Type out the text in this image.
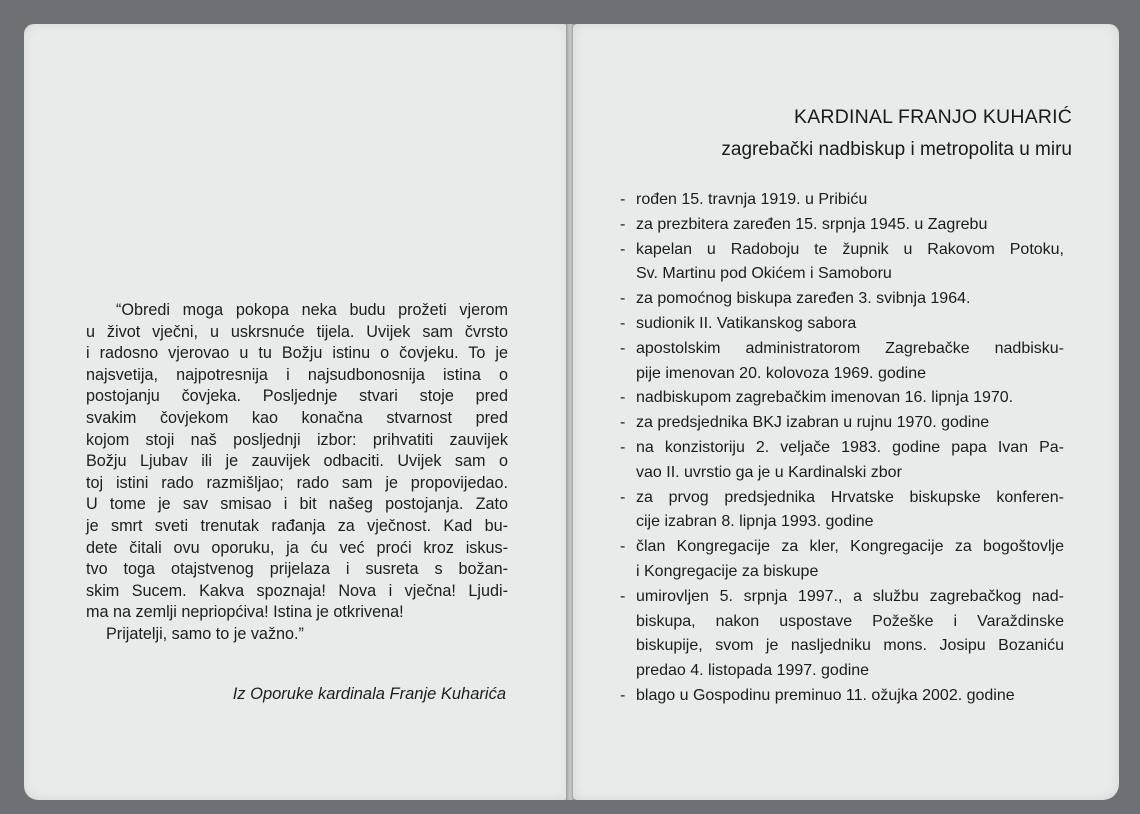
“Obredi moga pokopa neka budu prožeti vjerom
u život vječni, u uskrsnuće tijela. Uvijek sam čvrsto
i radosno vjerovao u tu Božju istinu o čovjeku. To je
najsvetija, najpotresnija i najsudbonosnija istina o
postojanju čovjeka. Posljednje stvari stoje pred
svakim čovjekom kao konačna stvarnost pred
kojom stoji naš posljednji izbor: prihvatiti zauvijek
Božju Ljubav ili je zauvijek odbaciti. Uvijek sam o
toj istini rado razmišljao; rado sam je propovijedao.
U tome je sav smisao i bit našeg postojanja. Zato
je smrt sveti trenutak rađanja za vječnost. Kad bu-
dete čitali ovu oporuku, ja ću već proći kroz iskus-
tvo toga otajstvenog prijelaza i susreta s božan-
skim Sucem. Kakva spoznaja! Nova i vječna! Ljudi-
ma na zemlji nepriopćiva! Istina je otkrivena!
Prijatelji, samo to je važno.”
Iz Oporuke kardinala Franje Kuharića
KARDINAL FRANJO KUHARIĆ
zagrebački nadbiskup i metropolita u miru
- rođen 15. travnja 1919. u Pribiću
- za prezbitera zaređen 15. srpnja 1945. u Zagrebu
- kapelan u Radoboju te župnik u Rakovom Potoku,
Sv. Martinu pod Okićem i Samoboru
- za pomoćnog biskupa zaređen 3. svibnja 1964.
- sudionik II. Vatikanskog sabora
- apostolskim administratorom Zagrebačke nadbisku-
pije imenovan 20. kolovoza 1969. godine
- nadbiskupom zagrebačkim imenovan 16. lipnja 1970.
- za predsjednika BKJ izabran u rujnu 1970. godine
- na konzistoriju 2. veljače 1983. godine papa Ivan Pa-
vao II. uvrstio ga je u Kardinalski zbor
- za prvog predsjednika Hrvatske biskupske konferen-
cije izabran 8. lipnja 1993. godine
- član Kongregacije za kler, Kongregacije za bogoštovlje
i Kongregacije za biskupe
- umirovljen 5. srpnja 1997., a službu zagrebačkog nad-
biskupa, nakon uspostave Požeške i Varaždinske
biskupije, svom je nasljedniku mons. Josipu Bozaniću
predao 4. listopada 1997. godine
- blago u Gospodinu preminuo 11. ožujka 2002. godine
